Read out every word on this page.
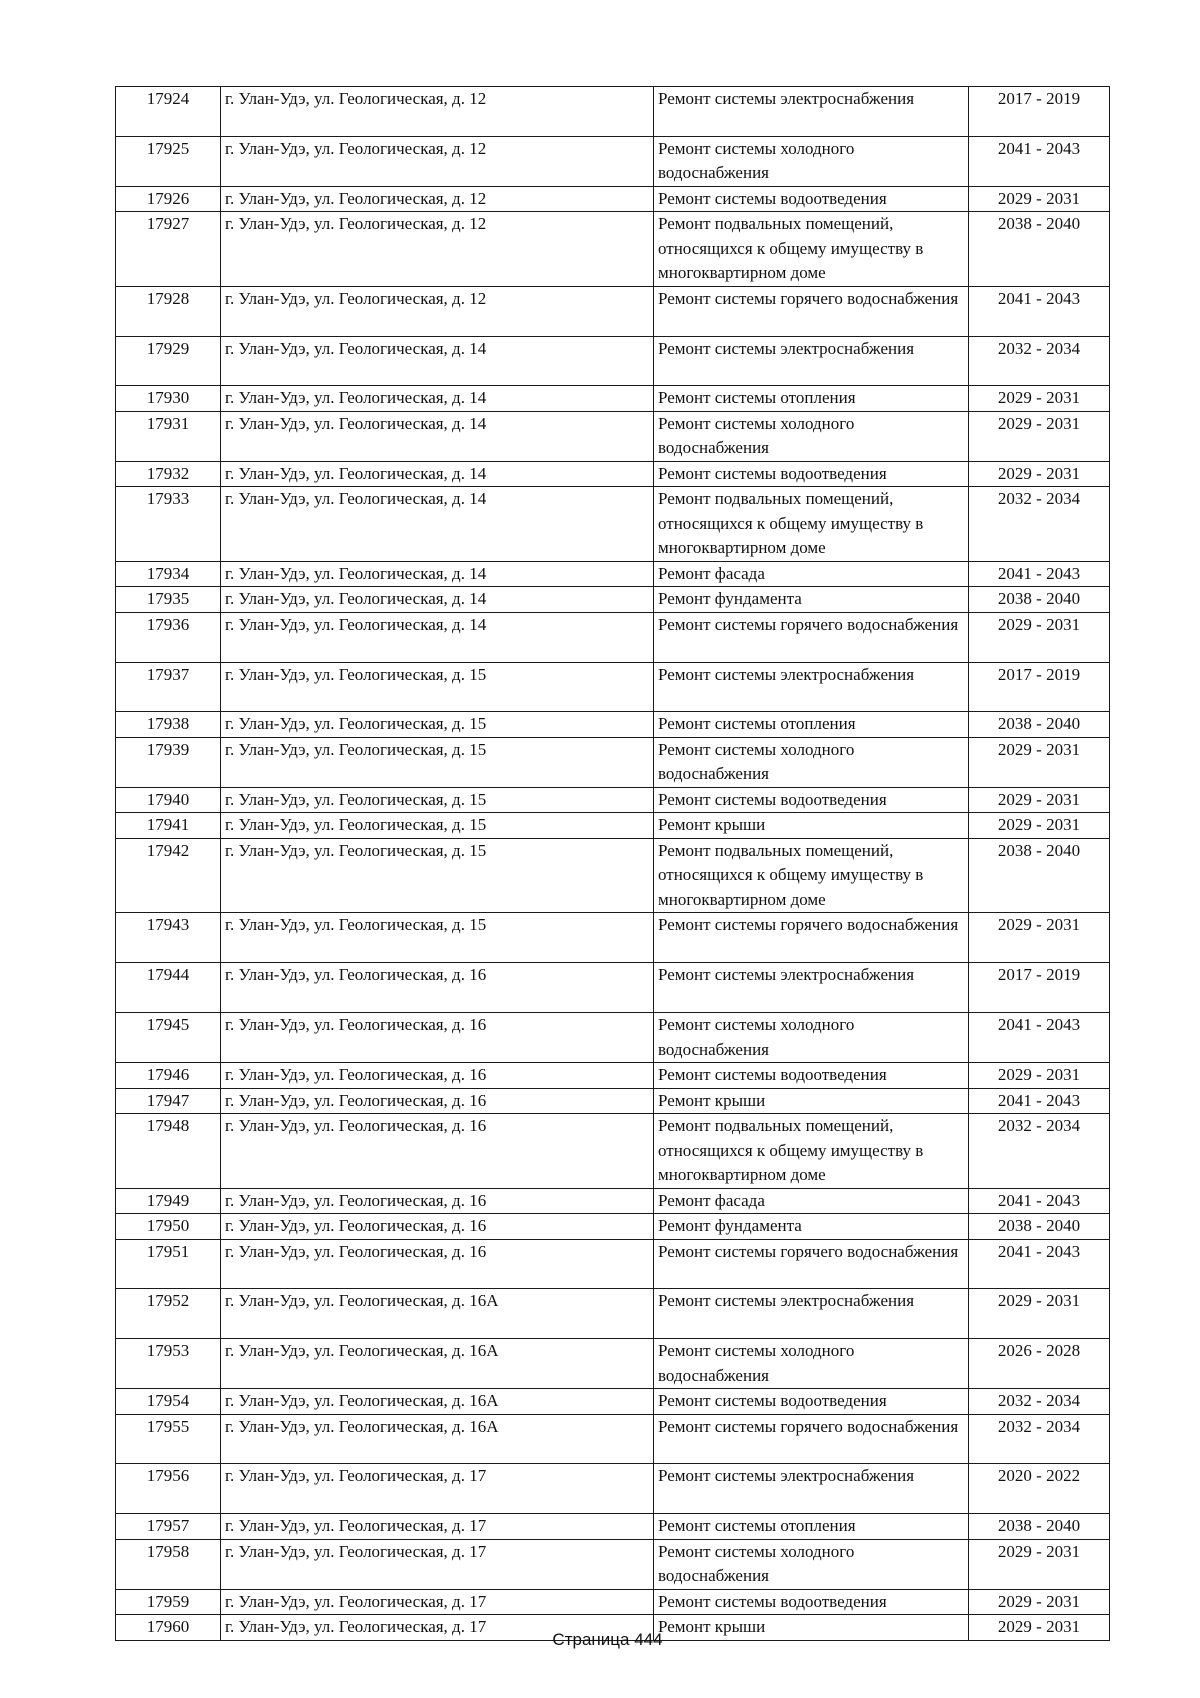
17924	г. Улан-Удэ, ул. Геологическая, д. 12	Ремонт системы электроснабжения	2017 - 2019
17925	г. Улан-Удэ, ул. Геологическая, д. 12	Ремонт системы холодного водоснабжения	2041 - 2043
17926	г. Улан-Удэ, ул. Геологическая, д. 12	Ремонт системы водоотведения	2029 - 2031
17927	г. Улан-Удэ, ул. Геологическая, д. 12	Ремонт подвальных помещений, относящихся к общему имуществу в многоквартирном доме	2038 - 2040
17928	г. Улан-Удэ, ул. Геологическая, д. 12	Ремонт системы горячего водоснабжения	2041 - 2043
17929	г. Улан-Удэ, ул. Геологическая, д. 14	Ремонт системы электроснабжения	2032 - 2034
17930	г. Улан-Удэ, ул. Геологическая, д. 14	Ремонт системы отопления	2029 - 2031
17931	г. Улан-Удэ, ул. Геологическая, д. 14	Ремонт системы холодного водоснабжения	2029 - 2031
17932	г. Улан-Удэ, ул. Геологическая, д. 14	Ремонт системы водоотведения	2029 - 2031
17933	г. Улан-Удэ, ул. Геологическая, д. 14	Ремонт подвальных помещений, относящихся к общему имуществу в многоквартирном доме	2032 - 2034
17934	г. Улан-Удэ, ул. Геологическая, д. 14	Ремонт фасада	2041 - 2043
17935	г. Улан-Удэ, ул. Геологическая, д. 14	Ремонт фундамента	2038 - 2040
17936	г. Улан-Удэ, ул. Геологическая, д. 14	Ремонт системы горячего водоснабжения	2029 - 2031
17937	г. Улан-Удэ, ул. Геологическая, д. 15	Ремонт системы электроснабжения	2017 - 2019
17938	г. Улан-Удэ, ул. Геологическая, д. 15	Ремонт системы отопления	2038 - 2040
17939	г. Улан-Удэ, ул. Геологическая, д. 15	Ремонт системы холодного водоснабжения	2029 - 2031
17940	г. Улан-Удэ, ул. Геологическая, д. 15	Ремонт системы водоотведения	2029 - 2031
17941	г. Улан-Удэ, ул. Геологическая, д. 15	Ремонт крыши	2029 - 2031
17942	г. Улан-Удэ, ул. Геологическая, д. 15	Ремонт подвальных помещений, относящихся к общему имуществу в многоквартирном доме	2038 - 2040
17943	г. Улан-Удэ, ул. Геологическая, д. 15	Ремонт системы горячего водоснабжения	2029 - 2031
17944	г. Улан-Удэ, ул. Геологическая, д. 16	Ремонт системы электроснабжения	2017 - 2019
17945	г. Улан-Удэ, ул. Геологическая, д. 16	Ремонт системы холодного водоснабжения	2041 - 2043
17946	г. Улан-Удэ, ул. Геологическая, д. 16	Ремонт системы водоотведения	2029 - 2031
17947	г. Улан-Удэ, ул. Геологическая, д. 16	Ремонт крыши	2041 - 2043
17948	г. Улан-Удэ, ул. Геологическая, д. 16	Ремонт подвальных помещений, относящихся к общему имуществу в многоквартирном доме	2032 - 2034
17949	г. Улан-Удэ, ул. Геологическая, д. 16	Ремонт фасада	2041 - 2043
17950	г. Улан-Удэ, ул. Геологическая, д. 16	Ремонт фундамента	2038 - 2040
17951	г. Улан-Удэ, ул. Геологическая, д. 16	Ремонт системы горячего водоснабжения	2041 - 2043
17952	г. Улан-Удэ, ул. Геологическая, д. 16А	Ремонт системы электроснабжения	2029 - 2031
17953	г. Улан-Удэ, ул. Геологическая, д. 16А	Ремонт системы холодного водоснабжения	2026 - 2028
17954	г. Улан-Удэ, ул. Геологическая, д. 16А	Ремонт системы водоотведения	2032 - 2034
17955	г. Улан-Удэ, ул. Геологическая, д. 16А	Ремонт системы горячего водоснабжения	2032 - 2034
17956	г. Улан-Удэ, ул. Геологическая, д. 17	Ремонт системы электроснабжения	2020 - 2022
17957	г. Улан-Удэ, ул. Геологическая, д. 17	Ремонт системы отопления	2038 - 2040
17958	г. Улан-Удэ, ул. Геологическая, д. 17	Ремонт системы холодного водоснабжения	2029 - 2031
17959	г. Улан-Удэ, ул. Геологическая, д. 17	Ремонт системы водоотведения	2029 - 2031
17960	г. Улан-Удэ, ул. Геологическая, д. 17	Ремонт крыши	2029 - 2031
Страница 444
